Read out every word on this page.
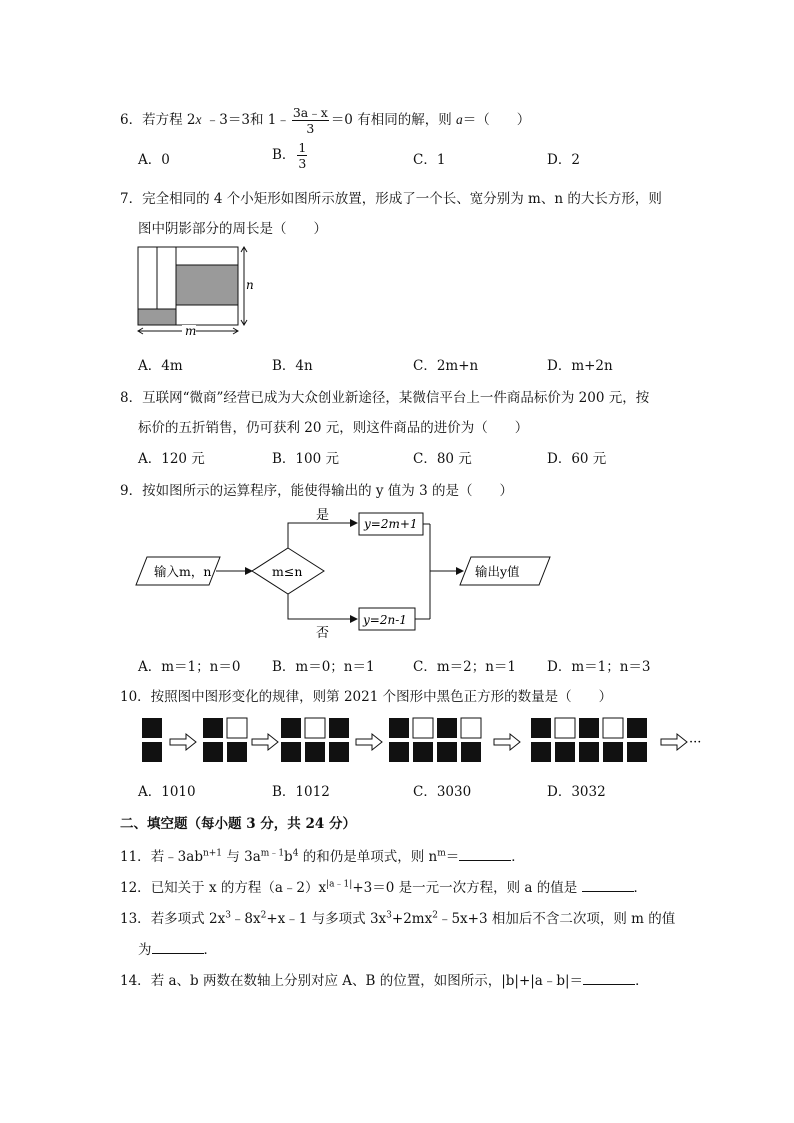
6．若方程 2x ﹣3＝3和 1﹣ $\frac{3a﹣x}{3} =0$ 有相同的解，则 a＝（　　）
A．0	B． $\frac{1}{3}$	C．1	D．2
7．完全相同的 4 个小矩形如图所示放置，形成了一个长、宽分别为 m、n 的大长方形，则
图中阴影部分的周长是（　　）
n
m
A．4m	B．4n	C．2m+n	D．m+2n
8．互联网“微商”经营已成为大众创业新途径，某微信平台上一件商品标价为 200 元，按
标价的五折销售，仍可获利 20 元，则这件商品的进价为（　　）
A．120 元	B．100 元	C．80 元	D．60 元
9．按如图所示的运算程序，能使得输出的 y 值为 3 的是（　　）
输入m，n	m≤n
是
y=2m+1
否
y=2n-1
输出y值
A．m＝1；n＝0 B．m＝0；n＝1	C．m＝2；n＝1 D．m＝1；n＝3
10．按照图中图形变化的规律，则第 2021 个图形中黑色正方形的数量是（　　）
···
A．1010	B．1012	C．3030	D．3032
二、填空题（每小题 3 分，共 24 分）
11．若$﹣3ab^{n+1}$ 与 $3a^{m﹣1}b^4$ 的和仍是单项式，则 $n^m=$	．
12．已知关于 x 的方程$(a﹣2)x^{|a﹣1|}+3=0$ 是一元一次方程，则 a 的值是	．
13．若多项式 $2x^3﹣8x^2+x﹣1$ 与多项式 $3x^3+2mx^2﹣5x+3$ 相加后不含二次项，则 m 的值
为	．
14．若 a、b 两数在数轴上分别对应 A、B 的位置，如图所示，|b|+|a﹣b|＝	．
